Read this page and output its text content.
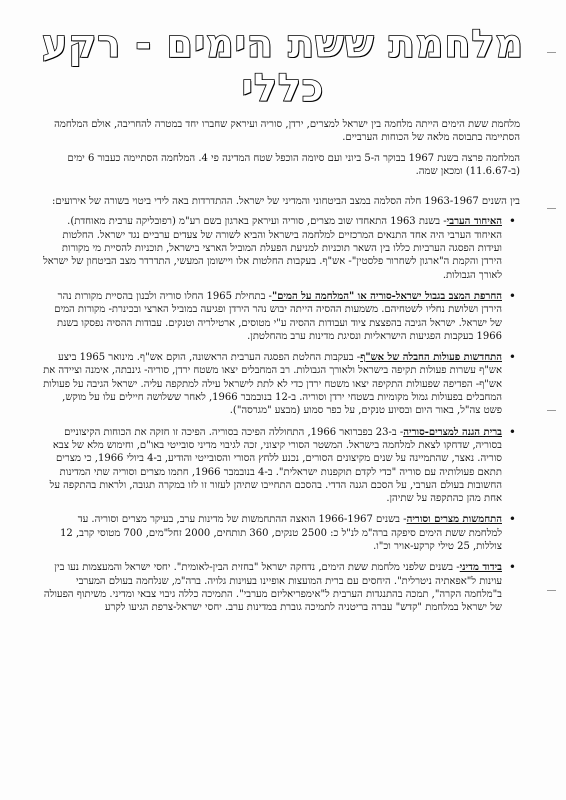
מלחמת ששת הימים - רקע כללי

מלחמת ששת הימים הייתה מלחמה בין ישראל למצרים, ירדן, סוריה ועיראק שחברו יחד במטרה להחריבה, אולם המלחמה הסתיימה בתבוסה מלאה של הכוחות הערביים.

המלחמה פרצה בשנת 1967 בבוקר ה-5 ביוני ועם סיומה הוכפל שטח המדינה פי 4. המלחמה הסתיימה כעבור 6 ימים (ב-11.6.67) ומכאן שמה.

בין השנים 1963-1967 חלה הסלמה במצב הביטחוני והמדיני של ישראל. ההתדרדות באה לידי ביטוי בשורה של אירועים:

• האיחוד הערבי- בשנת 1963 התאחדו שוב מצרים, סוריה ועיראק בארגון בשם רע"מ (רפובליקה ערבית מאוחדת). האיחוד הערבי היה אחד התנאים המרכזיים למלחמה בישראל והביא לשורה של צעדים ערביים נגד ישראל. החלטות ועידות הפסגה הערביות כללו בין השאר תוכניות למניעת הפעלת המוביל הארצי בישראל, תוכניות להסיית מי מקורות הירדן והקמת ה"ארגון לשחרור פלסטין"- אש"ף. בעקבות החלטות אלו ויישומן המעשי, התדרדר מצב הביטחון של ישראל לאורך הגבולות.
• החרפת המצב בגבול ישראל-סוריה או "המלחמה על המים"- בתחילת 1965 החלו סוריה ולבנון בהסיית מקורות נהר הירדן ושלושת נחליו לשטחיהם. משמעות ההסיה הייתה יבוש נהר הירדן ופגיעה במוביל הארצי ובכינרת- מקורות המים של ישראל. ישראל הגיבה בהפצצת ציוד ועבודות ההסיה ע"י מטוסים, ארטילריה וטנקים. עבודות ההסיה נפסקו בשנת 1966 בעקבות הפגיעות הישראליות ונסיגת מדינות ערב מהחלטתן.
• התחדשות פעולות החבלה של אש"ף- בעקבות החלטת הפסגה הערבית הראשונה, הוקם אש"ף. מינואר 1965 ביצע אש"ף עשרות פעולות תקיפה בישראל ולאורך הגבולות. רב המחבלים יצאו משטח ירדן, סוריה- גינבתה, אימנה וציידה את אש"ף- הפדיפה שפעולות התקיפה יצאו משטח ירדן כדי לא לתת לישראל עילה למתקפה עליה. ישראל הגיבה על פעולות המחבלים בפעולות גמול מקומיות בשטחי ירדן וסוריה. ב-12 בנובמבר 1966, לאחר ששלושה חיילים עלו על מוקש, פשט צה"ל, באור היום ובסיוע טנקים, על כפר סמוע (מבצע "מגרסה").
• ברית הגנה למצרים-סוריה- ב-23 בפברואר 1966, התחוללה הפיכה בסוריה. הפיכה זו חזקה את הכוחות הקיצוניים בסוריה, שדחקו לצאת למלחמה בישראל. המשטר הסורי קיצוני, זכה לגיבוי מדיני סובייטי באו"ם, וחימוש מלא של צבא סוריה. נאצר, שהתמיינה על שנים מקיצונים הסורים, נכנע ללחץ הסורי והסובייטי והודיע, ב-4 ביולי 1966, כי מצרים תתאם פעולותיה עם סוריה "כדי לקדם תוקפנות ישראלית". ב-4 בנובמבר 1966, חתמו מצרים וסוריה שתי המדינות החשובות בעולם הערבי, על הסכם הגנה הדדי. בהסכם התחייבו שתיהן לעזור זו לזו במקרה תגובה, ולראות בהתקפה על אחת מהן כהתקפה על שתיהן.
• התחמשות מצרים וסוריה- בשנים 1966-1967 הואצה ההתחמשות של מדינות ערב, בעיקר מצרים וסוריה. עד למלחמת ששת הימים סיפקה ברה"מ לנ"ל כ: 2500 טנקים, 360 תותחים, 2000 זחל"מים, 700 מטוסי קרב, 12 צוללות, 25 טילי קרקע-אויר וכ"ו.
• בידוד מדיני- בשנים שלפני מלחמת ששת הימים, נדחקה ישראל "בחזית הבין-לאומית". יחסי ישראל והמעצמות נעו בין עוינות ל"אפאתיה ניטרלית". היחסים עם ברית המועצות אופיינו בעוינות גלויה. ברה"מ, שנלחמה בעולם המערבי ב"מלחמה הקרה", תמכה בהתנגדות הערבית ל"אימפריאליזם מערבי". התמיכה כללה גיבוי צבאי ומדיני. משיתוף הפעולה של ישראל במלחמת "קדש" עברה בריטניה לתמיכה גוברת במדינות ערב. יחסי ישראל-צרפת הגיעו לקרע
